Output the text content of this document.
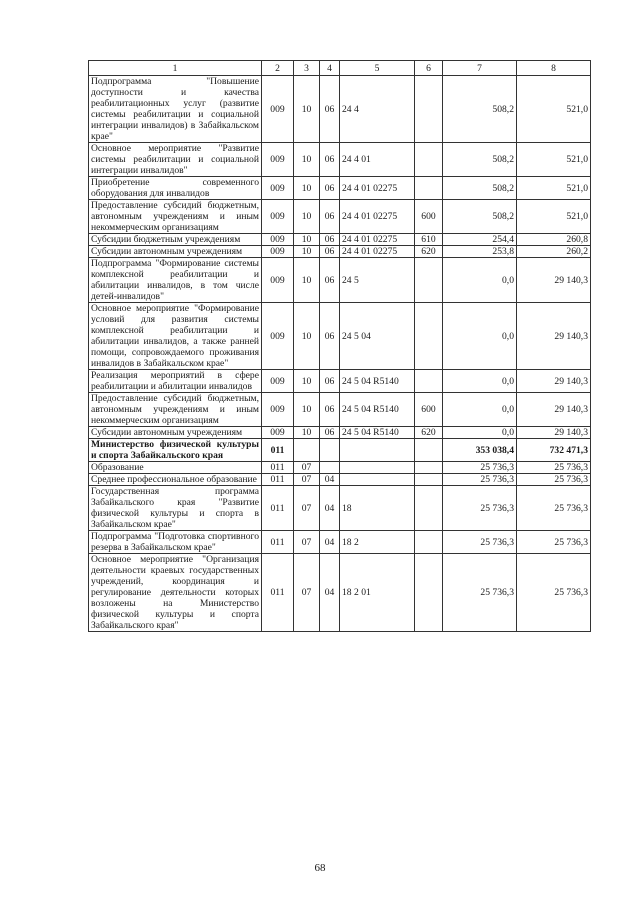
1	2	3	4	5	6	7	8
Подпрограмма "Повышение доступности и качества реабилитационных услуг (развитие системы реабилитации и социальной интеграции инвалидов) в Забайкальском крае"	009	10	06	24 4		508,2	521,0
Основное мероприятие "Развитие системы реабилитации и социальной интеграции инвалидов"	009	10	06	24 4 01		508,2	521,0
Приобретение современного оборудования для инвалидов	009	10	06	24 4 01 02275		508,2	521,0
Предоставление субсидий бюджетным, автономным учреждениям и иным некоммерческим организациям	009	10	06	24 4 01 02275	600	508,2	521,0
Субсидии бюджетным учреждениям	009	10	06	24 4 01 02275	610	254,4	260,8
Субсидии автономным учреждениям	009	10	06	24 4 01 02275	620	253,8	260,2
Подпрограмма "Формирование системы комплексной реабилитации и абилитации инвалидов, в том числе детей-инвалидов"	009	10	06	24 5		0,0	29 140,3
Основное мероприятие "Формирование условий для развития системы комплексной реабилитации и абилитации инвалидов, а также ранней помощи, сопровождаемого проживания инвалидов в Забайкальском крае"	009	10	06	24 5 04		0,0	29 140,3
Реализация мероприятий в сфере реабилитации и абилитации инвалидов	009	10	06	24 5 04 R5140		0,0	29 140,3
Предоставление субсидий бюджетным, автономным учреждениям и иным некоммерческим организациям	009	10	06	24 5 04 R5140	600	0,0	29 140,3
Субсидии автономным учреждениям	009	10	06	24 5 04 R5140	620	0,0	29 140,3
Министерство физической культуры и спорта Забайкальского края	011					353 038,4	732 471,3
Образование	011	07				25 736,3	25 736,3
Среднее профессиональное образование	011	07	04			25 736,3	25 736,3
Государственная программа Забайкальского края "Развитие физической культуры и спорта в Забайкальском крае"	011	07	04	18		25 736,3	25 736,3
Подпрограмма "Подготовка спортивного резерва в Забайкальском крае"	011	07	04	18 2		25 736,3	25 736,3
Основное мероприятие "Организация деятельности краевых государственных учреждений, координация и регулирование деятельности которых возложены на Министерство физической культуры и спорта Забайкальского края"	011	07	04	18 2 01		25 736,3	25 736,3
68
